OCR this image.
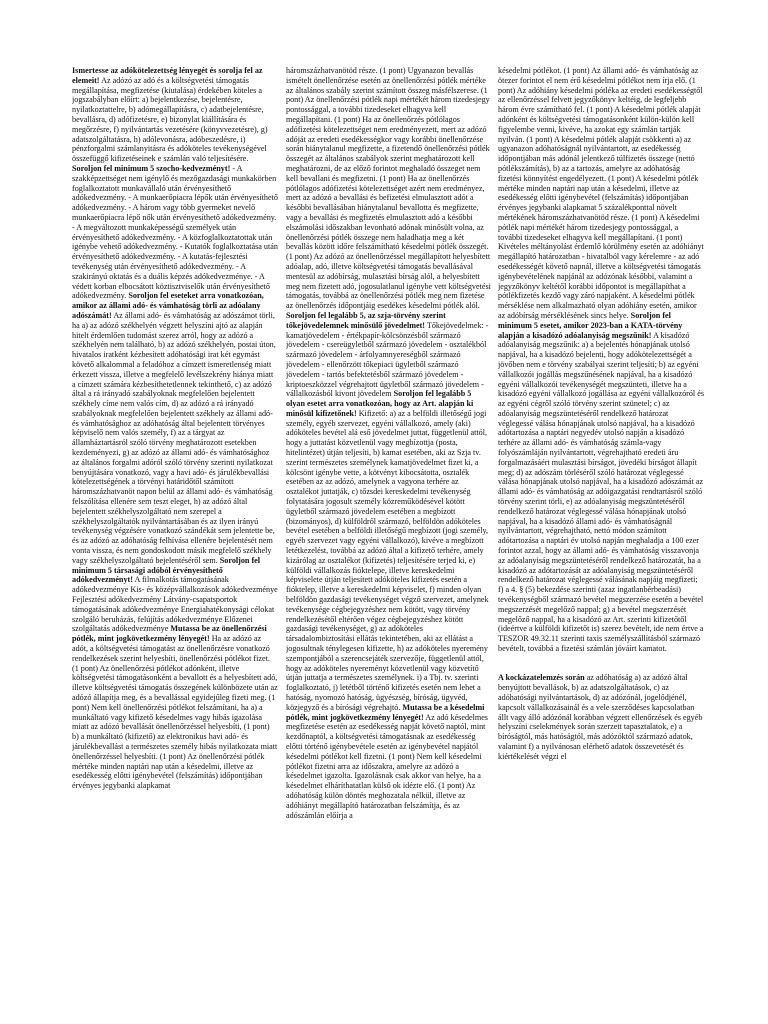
Ismertesse az adókötelezettség lényegét és sorolja fel az elemeit! Az adózó az adó és a költségvetési támogatás megállapítása, megfizetése (kiutalása) érdekében köteles a jogszabályban előírt: a) bejelentkezése, bejelentésre, nyilatkoztattelre, b) adómegállapításra, c) adatbejelentésre, bevallásra, d) adófizetésre, e) bizonylat kiállítására és megőrzésre, f) nyilvántartás vezetésére (könyvvezetésre), g) adatszolgáltatásra, h) adólevonásra, adóbeszedésre, i) pénzforgalmi számlanyitásra és adóköteles tevékenységével összefüggő kifizetéseinek e számlán való teljesítésére. Soroljon fel minimum 5 szocho-kedvezményt! - A szakképzettséget nem igénylő és mezőgazdasági munkakörben foglalkoztatott munkavállaló után érvényesíthető adókedvezmény. - A munkaerőpiacra lépők után érvényesíthető adókedvezmény. - A három vagy több gyermeket nevelő munkaerőpiacra lépő nők után érvényesíthető adókedvezmény. - A megváltozott munkaképességű személyek után érvényesíthető adókedvezmény. - A közfoglalkoztatottak után igénybe vehető adókedvezmény. - Kutatók foglalkoztatása után érvényesíthető adókedvezmény. - A kutatás-fejlesztési tevékenység után érvényesíthető adókedvezmény. - A szakirányú oktatás és a duális képzés adókedvezménye. - A védett korban elbocsátott köztisztviselők után érvényesíthető adókedvezmény. Soroljon fel eseteket arra vonatkozóan, amikor az állami adó- és vámhatóság törli az adóalany adószámát! Az állami adó- és vámhatóság az adószámot törli, ha a) az adózó székhelyén végzett helyszíni ajtó az alapján hitelt érdemlően tudomást szerez arról, hogy az adózó a székhelyén nem található, b) az adózó székhelyén, postai úton, hivatalos iratként kézbesített adóhatósági irat két egymást követő alkalommal a feladóhoz a címzett ismeretlenség miatt érkezett vissza, illetve a megfelelő levélszekrény hiánya miatt a címzett számára kézbesíthetetlennek tekinthető, c) az adózó által a rá irányadó szabályoknak megfelelően bejelentett székhely címe nem valós cím, d) az adózó a rá irányadó szabályoknak megfelelően bejelentett székhely az állami adó- és vámhatósághoz az adóhatóság által bejelentett törvényes képviselő nem valós személy, f) az a tárgyat az államháztartásról szóló törvény meghatározott esetekben kezdeményezi, g) az adózó az állami adó- és vámhatósághoz az általános forgalmi adóról szóló törvény szerinti nyilatkozat benyújtására vonatkozó, vagy a havi adó- és járulékbevallási kötelezettségének a törvényi határidőtől számított háromszázhatvanöt napon belül az állami adó- és vámhatóság felszólítása ellenére sem teszt eleget, h) az adózó által bejelentett székhelyszolgáltató nem szerepel a székhelyszolgáltatók nyilvántartásában és az ilyen irányú tevékenység végzésére vonatkozó szándékát sem jelentette be, és az adózó az adóhatóság felhívása ellenére bejelentését nem vonta vissza, és nem gondoskodott másik megfelelő székhely vagy székhelyszolgáltató bejelentéséről sem. Soroljon fel minimum 5 társasági adóból érvényesíthető adókedvezményt! A filmalkotás támogatásának adókedvezménye Kis- és középvállalkozások adókedvezménye Fejlesztési adókedvezmény Látvány-csapatsportok támogatásának adókedvezménye Energiahatékonysági célokat szolgáló beruházás, felújítás adókedvezménye Előzenei szolgáltatás adókedvezménye Mutassa be az önellenőrzési pótlék, mint jogkövetkezmény lényegét! Ha az adózó az adót, a költségvetési támogatást az önellenőrzésre vonatkozó rendelkezések szerint helyesbíti, önellenőrzési pótlékot fizet. (1 pont) Az önellenőrzési pótlékot adónként, illetve költségvetési támogatásonként a bevallott és a helyesbített adó, illetve költségvetési támogatás összegének különbözete után az adózó állapítja meg, és a bevallással egyidejűleg fizeti meg. (1 pont) Nem kell önellenőrzési pótlékot felszámítani, ha a) a munkáltató vagy kifizető késedelmes vagy hibás igazolása miatt az adózó bevallását önellenőrzéssel helyesbíti, (1 pont) b) a munkáltató (kifizető) az elektronikus havi adó- és járulékbevallást a természetes személy hibás nyilatkozata miatt önellenőrzéssel helyesbíti. (1 pont) Az önellenőrzési pótlék mértéke minden naptári nap után a késedelmi, illetve az esedékesség előtti igénybevétel (felszámítás) időpontjában érvényes jegybanki alapkamat

háromszázhatvanötöd része. (1 pont) Ugyanazon bevallás ismételt önellenőrzése esetén az önellenőrzési pótlék mértéke az általános szabály szerint számított összeg másfélszerese. (1 pont) Az önellenőrzési pótlék napi mértékét három tizedesjegy pontossággal, a további tizedeseket elhagyva kell megállapítani. (1 pont) Ha az önellenőrzés pótlólagos adófizetési kötelezettséget nem eredményezett, mert az adózó adóját az eredeti esedékességkor vagy korábbi önellenőrzése során hiánytalanul megfizette, a fizetendő önellenőrzési pótlék összegét az általános szabályok szerint meghatározott kell meghatározni, de az előző forintot meghaladó összeget nem kell bevallani és megfizetni. (1 pont) Ha az önellenőrzés pótlólagos adófizetési kötelezettséget azért nem eredményez, mert az adózó a bevallási és befizetési elmulasztott adót a későbbi bevallásában hiánytalanul bevallotta és megfizette, vagy a bevallási és megfizetés elmulasztott adó a későbbi elszámolási időszakban levonható adónak minősült volna, az önellenőrzési pótlék összege nem haladhatja meg a két bevallás között időre felszámítható késedelmi pótlék összegét. (1 pont) Az adózó az önellenőrzéssel megállapított helyesbített adóalap, adó, illetve költségvetési támogatás bevallásával mentesül az adóbírság, mulasztási bírság alól, a helyesbített meg nem fizetett adó, jogosulatlanul igénybe vett költségvetési támogatás, továbbá az önellenőrzési pótlék meg nem fizetése az önellenőrzés időpontjáig esedékes késedelmi pótlék alól. Soroljon fel legalább 5, az szja-törvény szerint tőkejövedelemnek minősülő jövedelmet! Tőkejövedelmek: - kamatjövedelem - értékpapír-kölcsönzésből származó jövedelem - csereügyletből származó jövedelem - osztalékból származó jövedelem - árfolyamnyereségből származó jövedelem - ellenőrzött tőkepiaci ügyletből származó jövedelem - tartós befektetésből származó jövedelem - kriptoeszközzel végrehajtott ügyletből származó jövedelem - vállalkozásból kivont jövedelem Soroljon fel legalább 5 olyan esetet arra vonatkozóan, hogy az Art. alapján ki minősül kifizetőnek! Kifizető: a) az a belföldi illetőségű jogi személy, egyéb szervezet, egyéni vállalkozó, amely (aki) adóköteles bevétel alá eső jövedelmet juttat, függetlenül attól, hogy a juttatást közvetlenül vagy megbízottja (posta, hitelintézet) útján teljesíti, b) kamat esetében, aki az Szja tv. szerint természetes személynek kamatjövedelmet fizet ki, a kölcsönt igénybe vette, a kötvényt kibocsátotta, osztalék esetében az az adózó, amelynek a vagyona terhére az osztalékot juttatják, c) tőzsdei kereskedelmi tevékenység folytatására jogosult személy közreműködésével kötött ügyletből származó jövedelem esetében a megbízott (bizományos), d) külföldről származó, belföldön adóköteles bevétel esetében a belföldi illetőségű megbízott (jogi személy, egyéb szervezet vagy egyéni vállalkozó), kivéve a megbízott letétkezelést, továbbá az adózó által a kifizető terhére, amely kizárólag az osztalékot (kifizetés) teljesítésére terjed ki, e) külföldi vállalkozás fióktelepe, illetve kereskedelmi képviselete útján teljesített adóköteles kifizetés esetén a fióktelep, illetve a kereskedelmi képviselet, f) minden olyan belföldön gazdasági tevékenységet végző szervezet, amelynek tevékenysége cégbejegyzéshez nem kötött, vagy törvény rendelkezésétől eltérően végez cégbejegyzéshez kötött gazdasági tevékenységet, g) az adóköteles társadalombiztosítási ellátás tekintetében, aki az ellátást a jogosultnak ténylegesen kifizette, h) az adóköteles nyeremény szempontjából a szerencsejáték szervezője, függetlenül attól, hogy az adóköteles nyereményt közvetlenül vagy közvetítő útján juttatja a természetes személynek. i) a Tbj. tv. szerinti foglalkoztató, j) letétből történő kifizetés esetén nem lehet a hatóság, nyomozó hatóság, ügyészség, bíróság, ügyvéd, közjegyző és a bírósági végrehajtó. Mutassa be a késedelmi pótlék, mint jogkövetkezmény lényegét! Az adó késedelmes megfizetése esetén az esedékesség napját követő naptól, mint kezdőnaptól, a költségvetési támogatásnak az esedékesség előtti történő igénybevétele esetén az igénybevétel napjától késedelmi pótlékot kell fizetni. (1 pont) Nem kell késedelmi pótlékot fizetni arra az időszakra, amelyre az adózó a késedelmet igazolta. Igazolásnak csak akkor van helye, ha a késedelmet elháríthatatlan külső ok idézte elő. (1 pont) Az adóhatóság külön döntés meghozatala nélkül, illetve az adóhiányt megállapító határozatban felszámítja, és az adószámlán előírja a

késedelmi pótlékot. (1 pont) Az állami adó- és vámhatóság az ötezer forintot el nem érő késedelmi pótlékot nem írja elő. (1 pont) Az adóhiány késedelmi pótléka az eredeti esedékességtől az ellenőrzéssel felvett jegyzőkönyv keltéig, de legfeljebb három évre számítható fel. (1 pont) A késedelmi pótlék alapját adónként és költségvetési támogatásonként külön-külön kell figyelembe venni, kivéve, ha azokat egy számlán tartják nyilván. (1 pont) A késedelmi pótlék alapját csökkenti a) az ugyanazon adóhatóságnál nyilvántartott, az esedékesség időpontjában más adónál jelentkező túlfizetés összege (nettó pótlékszámítás), b) az a tartozás, amelyre az adóhatóság fizetési könnyítést engedélyezett. (1 pont) A késedelmi pótlék mértéke minden naptári nap után a késedelmi, illetve az esedékesség előtti igénybevétel (felszámítás) időpontjában érvényes jegybanki alapkamat 5 százalékponttal növelt mértékének háromszázhatvanötöd része. (1 pont) A késedelmi pótlék napi mértékét három tizedesjegy pontossággal, a további tizedeseket elhagyva kell megállapítani. (1 pont) Kivételes méltányolást érdemlő körülmény esetén az adóhiányt megállapító határozatban - hivatalból vagy kérelemre - az adó esedékességét követő napnál, illetve a költségvetési támogatás igénybevételének napjánál az adózónak későbbi, valamint a jegyzőkönyv keltétől korábbi időpontot is megállapíthat a pótlékfizetés kezdő vagy záró napjaként. A késedelmi pótlék mérséklése nem alkalmazható olyan adóhiány esetén, amikor az adóbírság mérséklésének sincs helye. Soroljon fel minimum 5 esetet, amikor 2023-ban a KATA-törvény alapján a kisadózó adóalanyiság megszűnik! A kisadózó adóalanyiság megszűnik: a) a bejelentés hónapjának utolsó napjával, ha a kisadózó bejelenti, hogy adókötelezettségét a jövőben nem e törvény szabályai szerint teljesíti; b) az egyéni vállalkozói jogállás megszűnésének napjával, ha a kisadózó egyéni vállalkozói tevékenységét megszünteti, illetve ha a kisadózó egyéni vállalkozó jogállása az egyéni vállalkozóról és az egyéni cégről szóló törvény szerint szünetel; c) az adóalanyiság megszüntetéséről rendelkező határozat véglegessé válása hónapjának utolsó napjával, ha a kisadózó adótartozása a naptári negyedév utolsó napján a kisadózó terhére az állami adó- és vámhatóság számla-vagy folyószámláján nyilvántartott, végrehajtható eredeti áru forgalmazásáért mulasztási bírságot, jövedéki bírságot állapít meg; d) az adószám törléséről szóló határozat véglegessé válása hónapjának utolsó napjával, ha a kisadózó adószámát az állami adó- és vámhatóság az adóigazgatási rendtartásról szóló törvény szerint törli, e) az adóalanyiság megszüntetéséről rendelkező határozat véglegessé válása hónapjának utolsó napjával, ha a kisadózó állami adó- és vámhatóságnál nyilvántartott, végrehajtható, nettó módon számított adótartozása a naptári év utolsó napján meghaladja a 100 ezer forintot azzal, hogy az állami adó- és vámhatóság visszavonja az adóalanyiság megszüntetéséről rendelkező határozatát, ha a kisadózó az adótartozását az adóalanyiság megszüntetéséről rendelkező határozat véglegessé válásának napjáig megfizeti; f) a 4. § (5) bekezdése szerinti (azaz ingatlanbérbeadási) tevékenységből származó bevétel megszerzése esetén a bevétel megszerzését megelőző nappal; g) a bevétel megszerzését megelőző nappal, ha a kisadózó az Art. szerinti kifizetőtől (ideértve a külföldi kifizetőt is) szerez bevételt, ide nem értve a TESZOR 49.32.11 szerinti taxis személyszállításból származó bevételt, továbbá a fizetési számlán jóváírt kamatot.

A kockázatelemzés során az adóhatóság a) az adózó által benyújtott bevallások, b) az adatszolgáltatások, c) az adóhatósági nyilvántartások, d) az adózónál, jogelődjénél, kapcsolt vállalkozásainál és a vele szerződéses kapcsolatban állt vagy álló adózónál korábban végzett ellenőrzések és egyéb helyszíni cselekmények során szerzett tapasztalatok, e) a bíróságtól, más hatóságtól, más adózóktól származó adatok, valamint f) a nyilvánosan elérhető adatok összevetését és kiértékelését végzi el
